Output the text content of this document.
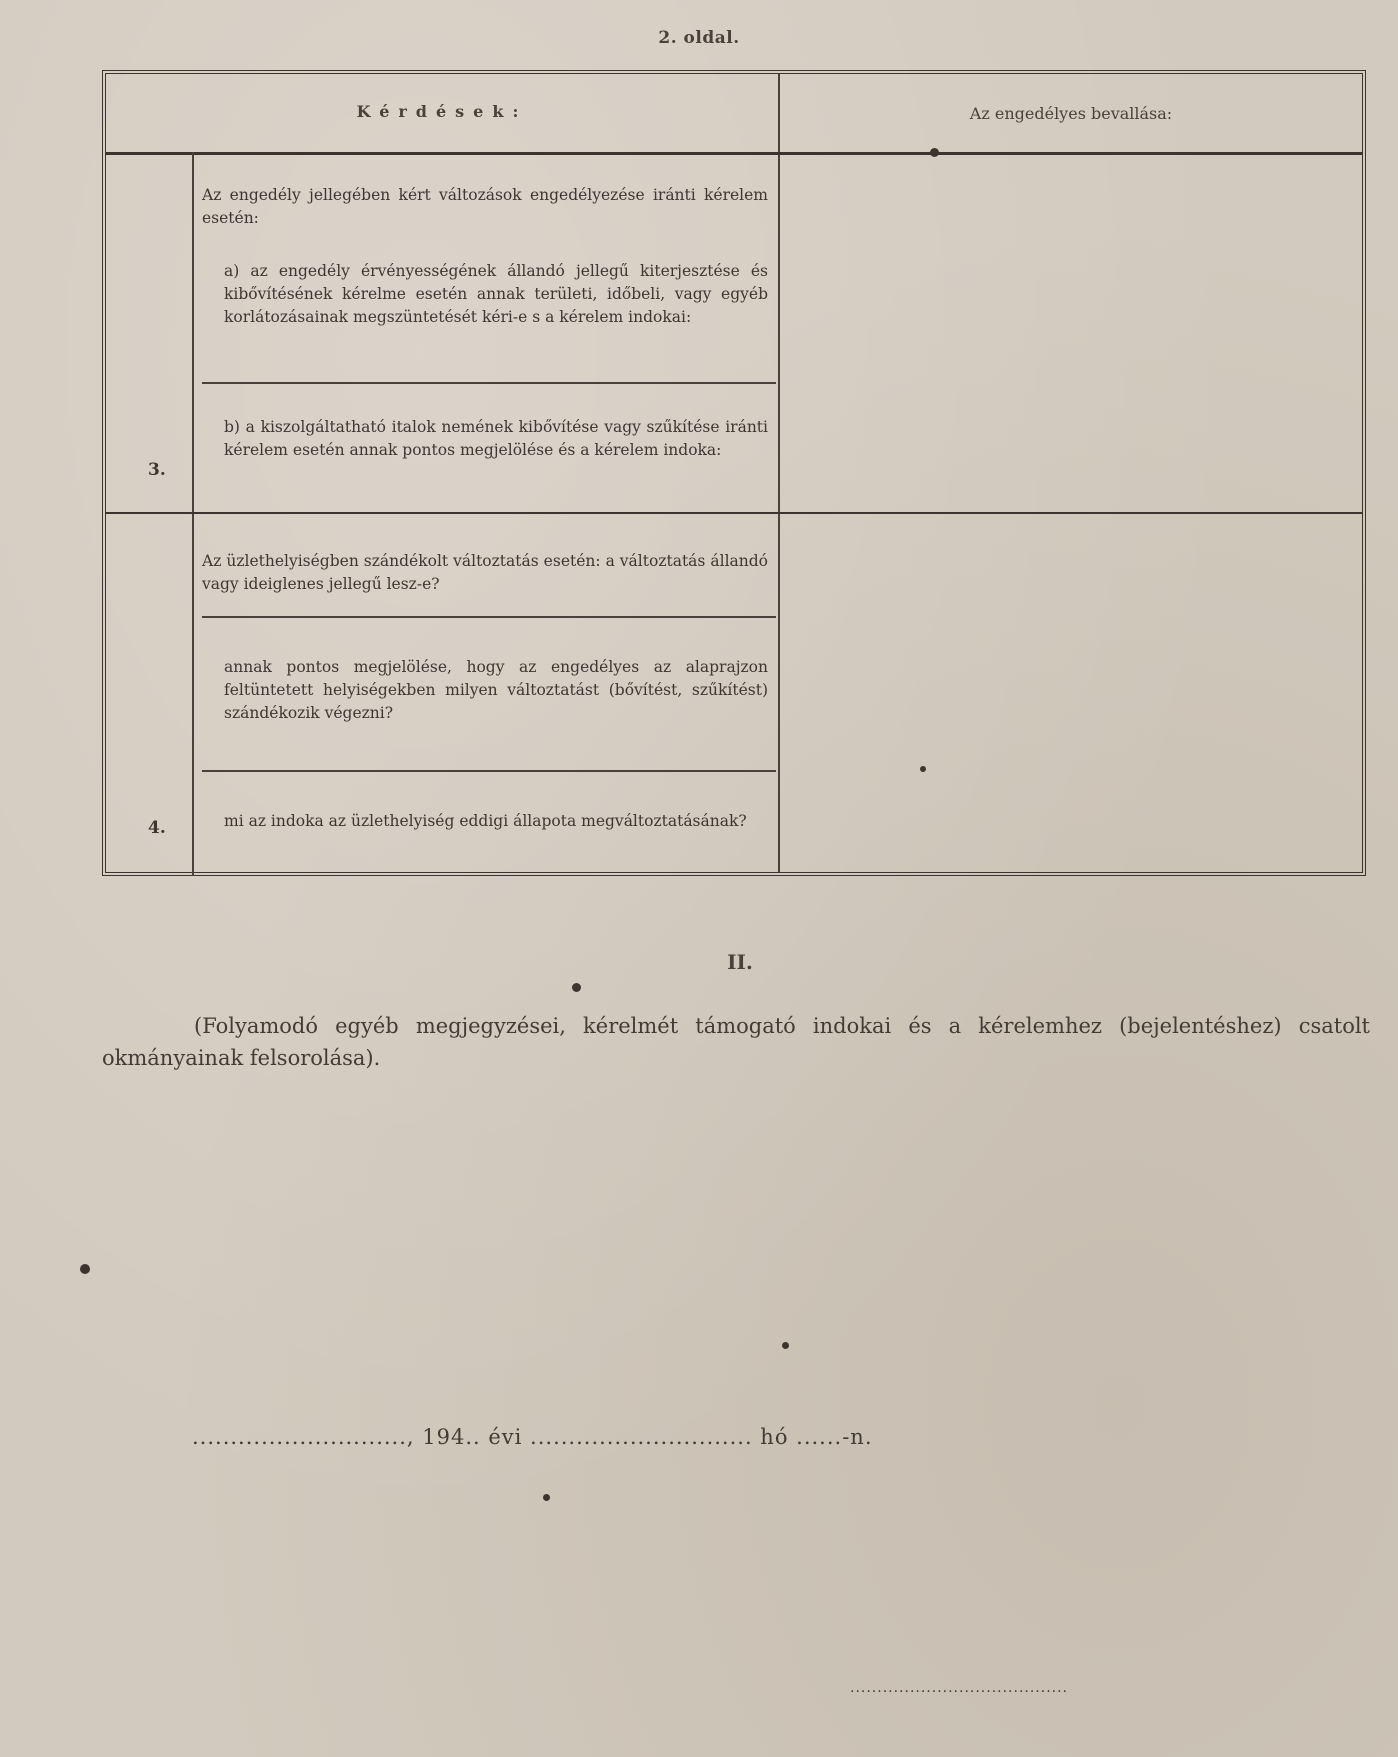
2. oldal.
Kérdések:	Az engedélyes bevallása:
Az engedély jellegében kért változások engedélyezése iránti kérelem esetén:
a) az engedély érvényességének állandó jellegű kiterjesztése és kibővítésének kérelme esetén annak területi, időbeli, vagy egyéb korlátozásainak megszüntetését kéri-e s a kérelem indokai:
b) a kiszolgáltatható italok nemének kibővítése vagy szűkítése iránti kérelem esetén annak pontos megjelölése és a kérelem indoka:
3.
Az üzlethelyiségben szándékolt változtatás esetén: a változtatás állandó vagy ideiglenes jellegű lesz-e?
annak pontos megjelölése, hogy az engedélyes az alaprajzon feltüntetett helyiségekben milyen változtatást (bővítést, szűkítést) szándékozik végezni?
mi az indoka az üzlethelyiség eddigi állapota megváltoztatásának?
4.
II.
(Folyamodó egyéb megjegyzései, kérelmét támogató indokai és a kérelemhez (bejelentéshez) csatolt okmányainak felsorolása).
............................, 194.. évi ............................. hó ......-n.
........................................
